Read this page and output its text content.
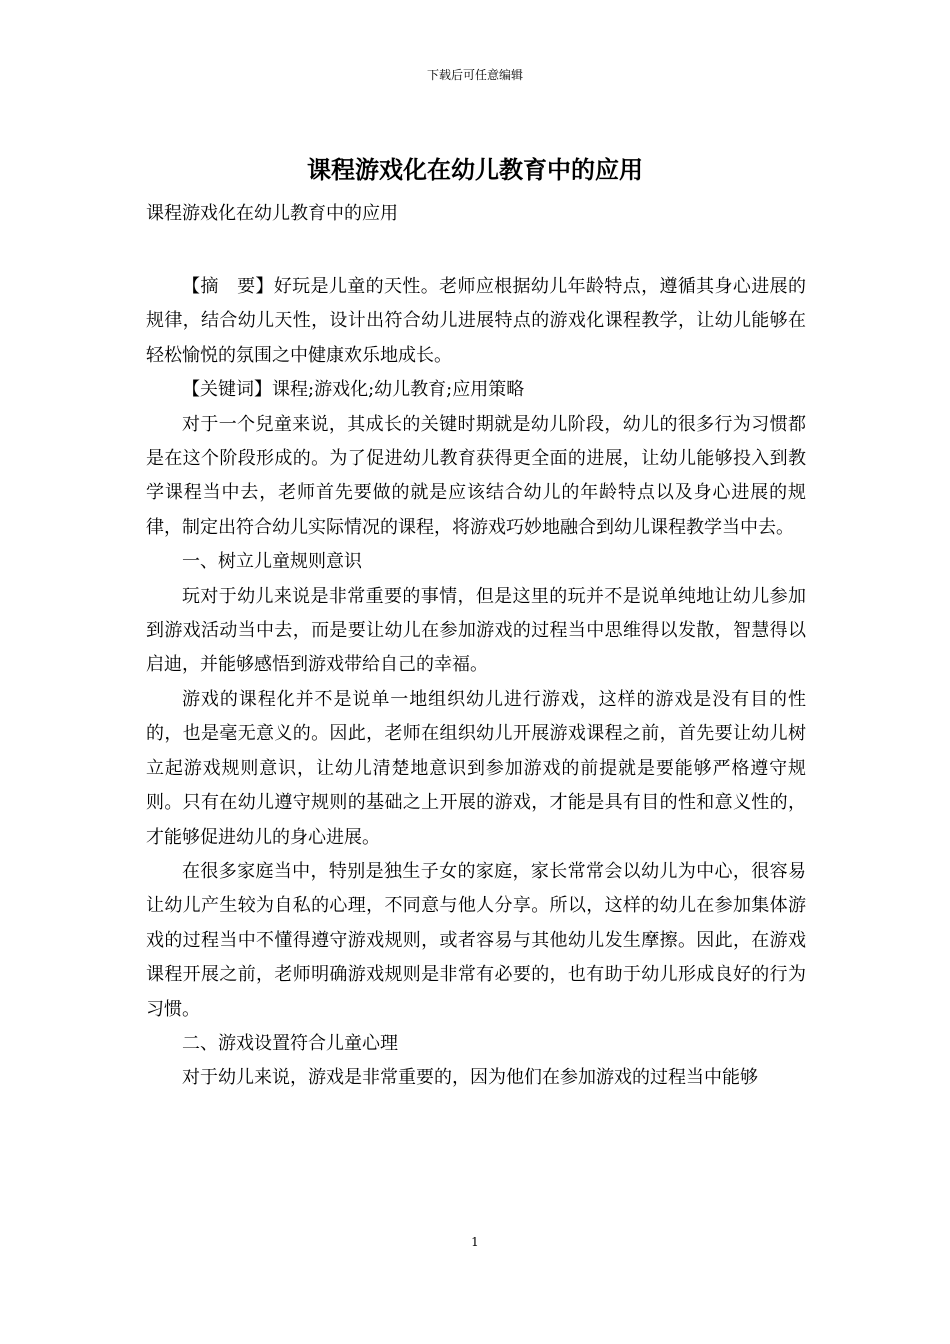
下载后可任意编辑
课程游戏化在幼儿教育中的应用
课程游戏化在幼儿教育中的应用

【摘　要】好玩是儿童的天性。老师应根据幼儿年龄特点，遵循其身心进展的规律，结合幼儿天性，设计出符合幼儿进展特点的游戏化课程教学，让幼儿能够在轻松愉悦的氛围之中健康欢乐地成长。

【关键词】课程;游戏化;幼儿教育;应用策略

对于一个兒童来说，其成长的关键时期就是幼儿阶段，幼儿的很多行为习惯都是在这个阶段形成的。为了促进幼儿教育获得更全面的进展，让幼儿能够投入到教学课程当中去，老师首先要做的就是应该结合幼儿的年龄特点以及身心进展的规律，制定出符合幼儿实际情况的课程，将游戏巧妙地融合到幼儿课程教学当中去。

一、树立儿童规则意识

玩对于幼儿来说是非常重要的事情，但是这里的玩并不是说单纯地让幼儿参加到游戏活动当中去，而是要让幼儿在参加游戏的过程当中思维得以发散，智慧得以启迪，并能够感悟到游戏带给自己的幸福。

游戏的课程化并不是说单一地组织幼儿进行游戏，这样的游戏是没有目的性的，也是毫无意义的。因此，老师在组织幼儿开展游戏课程之前，首先要让幼儿树立起游戏规则意识，让幼儿清楚地意识到参加游戏的前提就是要能够严格遵守规则。只有在幼儿遵守规则的基础之上开展的游戏，才能是具有目的性和意义性的，才能够促进幼儿的身心进展。

在很多家庭当中，特别是独生子女的家庭，家长常常会以幼儿为中心，很容易让幼儿产生较为自私的心理，不同意与他人分享。所以，这样的幼儿在参加集体游戏的过程当中不懂得遵守游戏规则，或者容易与其他幼儿发生摩擦。因此，在游戏课程开展之前，老师明确游戏规则是非常有必要的，也有助于幼儿形成良好的行为习惯。

二、游戏设置符合儿童心理

对于幼儿来说，游戏是非常重要的，因为他们在参加游戏的过程当中能够

1
